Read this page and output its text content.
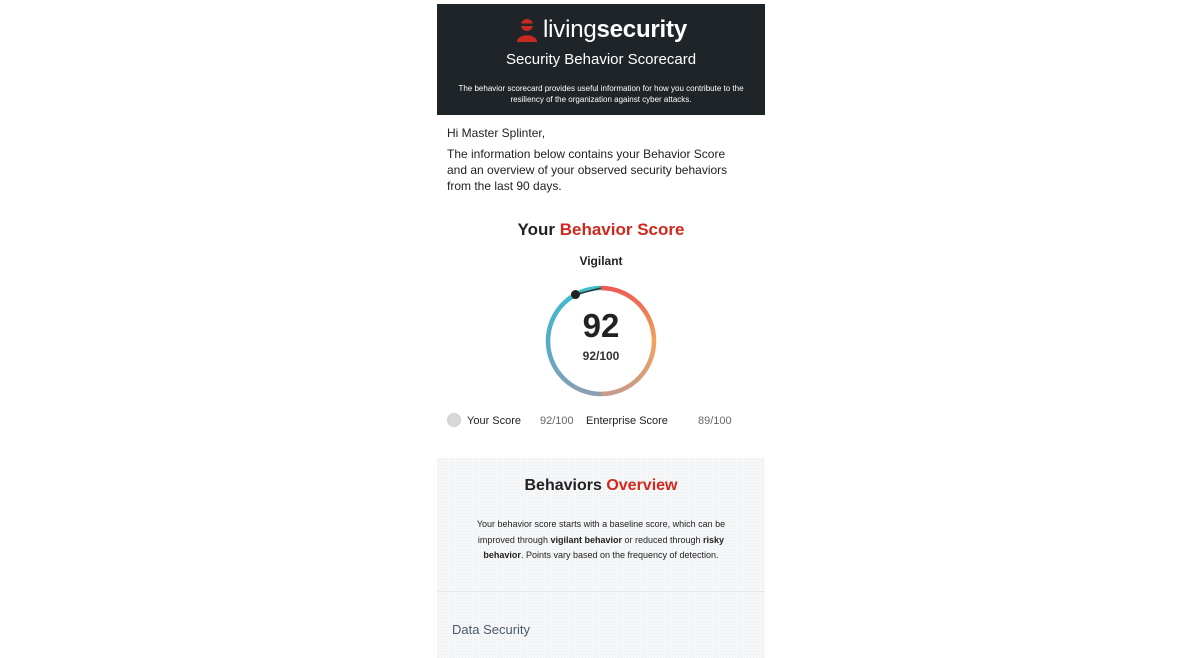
livingsecurity
Security Behavior Scorecard
The behavior scorecard provides useful information for how you contribute to the resiliency of the organization against cyber attacks.
Hi Master Splinter,
The information below contains your Behavior Score and an overview of your observed security behaviors from the last 90 days.
Your Behavior Score
Vigilant
92
92/100
Your Score 92/100 Enterprise Score	89/100
Behaviors Overview
Your behavior score starts with a baseline score, which can be improved through vigilant behavior or reduced through risky behavior. Points vary based on the frequency of detection.
Data Security
